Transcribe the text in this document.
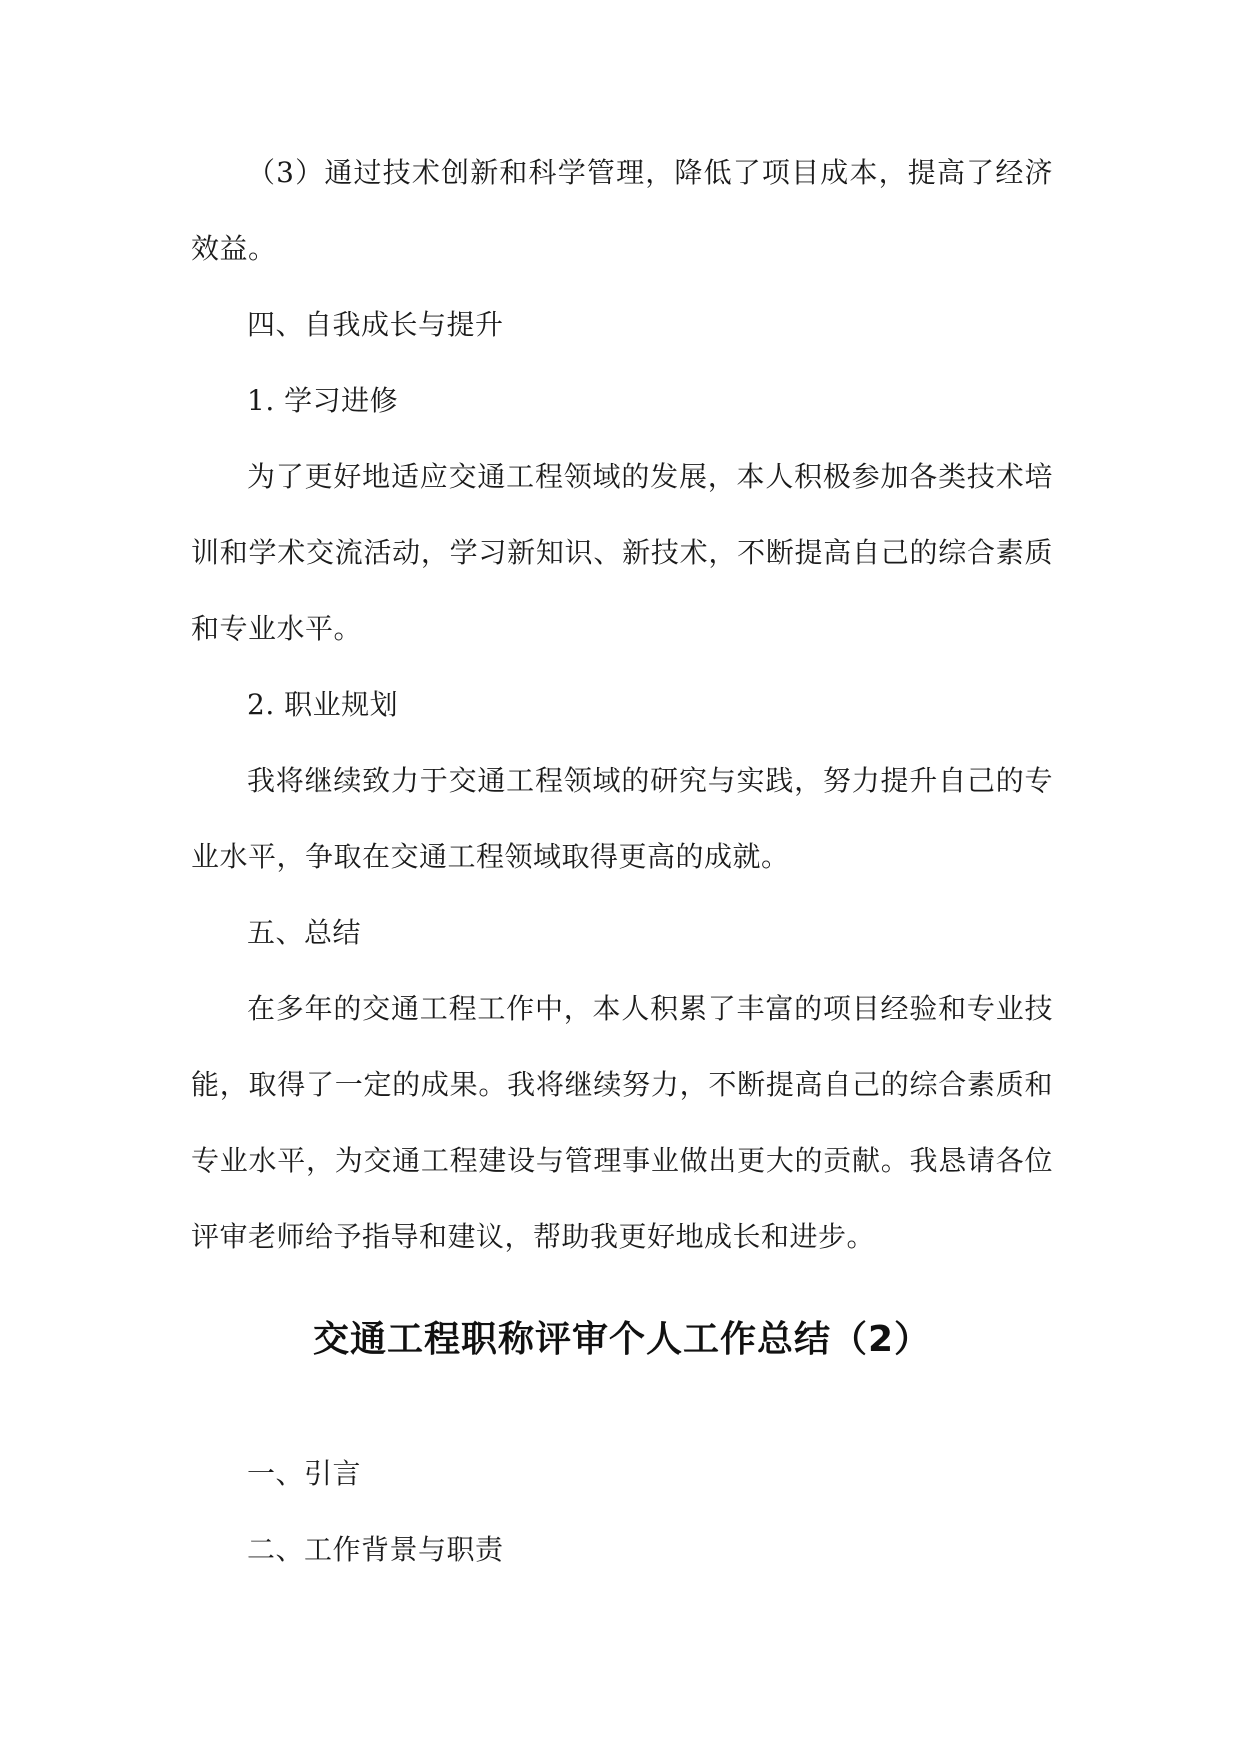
（3）通过技术创新和科学管理，降低了项目成本，提高了经济效益。

四、自我成长与提升

1. 学习进修

为了更好地适应交通工程领域的发展，本人积极参加各类技术培训和学术交流活动，学习新知识、新技术，不断提高自己的综合素质和专业水平。

2. 职业规划

我将继续致力于交通工程领域的研究与实践，努力提升自己的专业水平，争取在交通工程领域取得更高的成就。

五、总结

在多年的交通工程工作中，本人积累了丰富的项目经验和专业技能，取得了一定的成果。我将继续努力，不断提高自己的综合素质和专业水平，为交通工程建设与管理事业做出更大的贡献。我恳请各位评审老师给予指导和建议，帮助我更好地成长和进步。

交通工程职称评审个人工作总结（2）

一、引言

二、工作背景与职责
